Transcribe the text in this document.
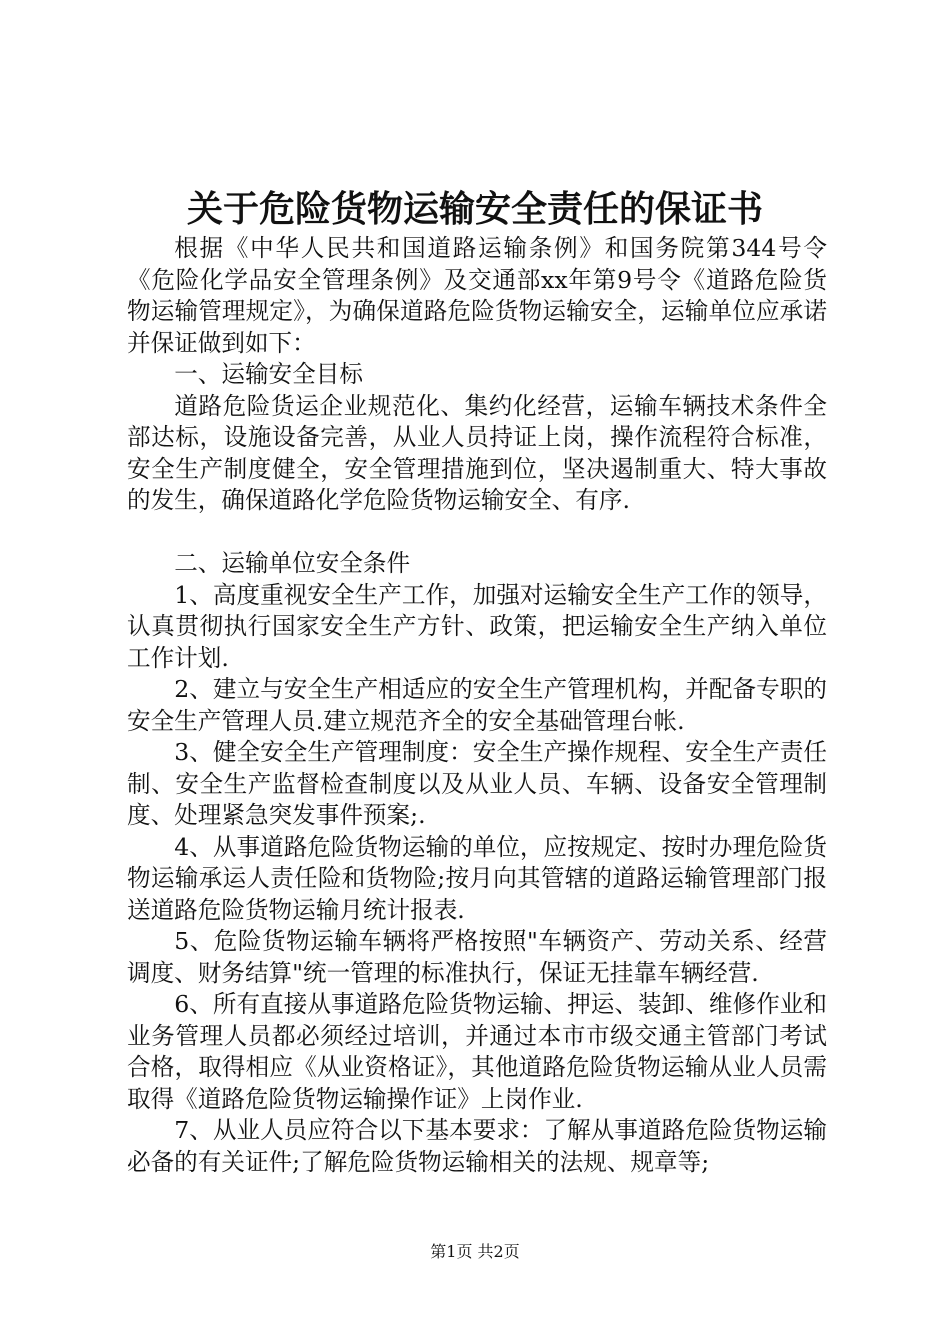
关于危险货物运输安全责任的保证书

根据《中华人民共和国道路运输条例》和国务院第344号令《危险化学品安全管理条例》及交通部xx年第9号令《道路危险货物运输管理规定》，为确保道路危险货物运输安全，运输单位应承诺并保证做到如下：

一、运输安全目标

道路危险货运企业规范化、集约化经营，运输车辆技术条件全部达标，设施设备完善，从业人员持证上岗，操作流程符合标准，安全生产制度健全，安全管理措施到位，坚决遏制重大、特大事故的发生，确保道路化学危险货物运输安全、有序.

二、运输单位安全条件

1、高度重视安全生产工作，加强对运输安全生产工作的领导，认真贯彻执行国家安全生产方针、政策，把运输安全生产纳入单位工作计划.

2、建立与安全生产相适应的安全生产管理机构，并配备专职的安全生产管理人员.建立规范齐全的安全基础管理台帐.

3、健全安全生产管理制度：安全生产操作规程、安全生产责任制、安全生产监督检查制度以及从业人员、车辆、设备安全管理制度、处理紧急突发事件预案;.

4、从事道路危险货物运输的单位，应按规定、按时办理危险货物运输承运人责任险和货物险;按月向其管辖的道路运输管理部门报送道路危险货物运输月统计报表.

5、危险货物运输车辆将严格按照"车辆资产、劳动关系、经营调度、财务结算"统一管理的标准执行，保证无挂靠车辆经营.

6、所有直接从事道路危险货物运输、押运、装卸、维修作业和业务管理人员都必须经过培训，并通过本市市级交通主管部门考试合格，取得相应《从业资格证》，其他道路危险货物运输从业人员需取得《道路危险货物运输操作证》上岗作业.

7、从业人员应符合以下基本要求：了解从事道路危险货物运输必备的有关证件;了解危险货物运输相关的法规、规章等;

第1页 共2页
